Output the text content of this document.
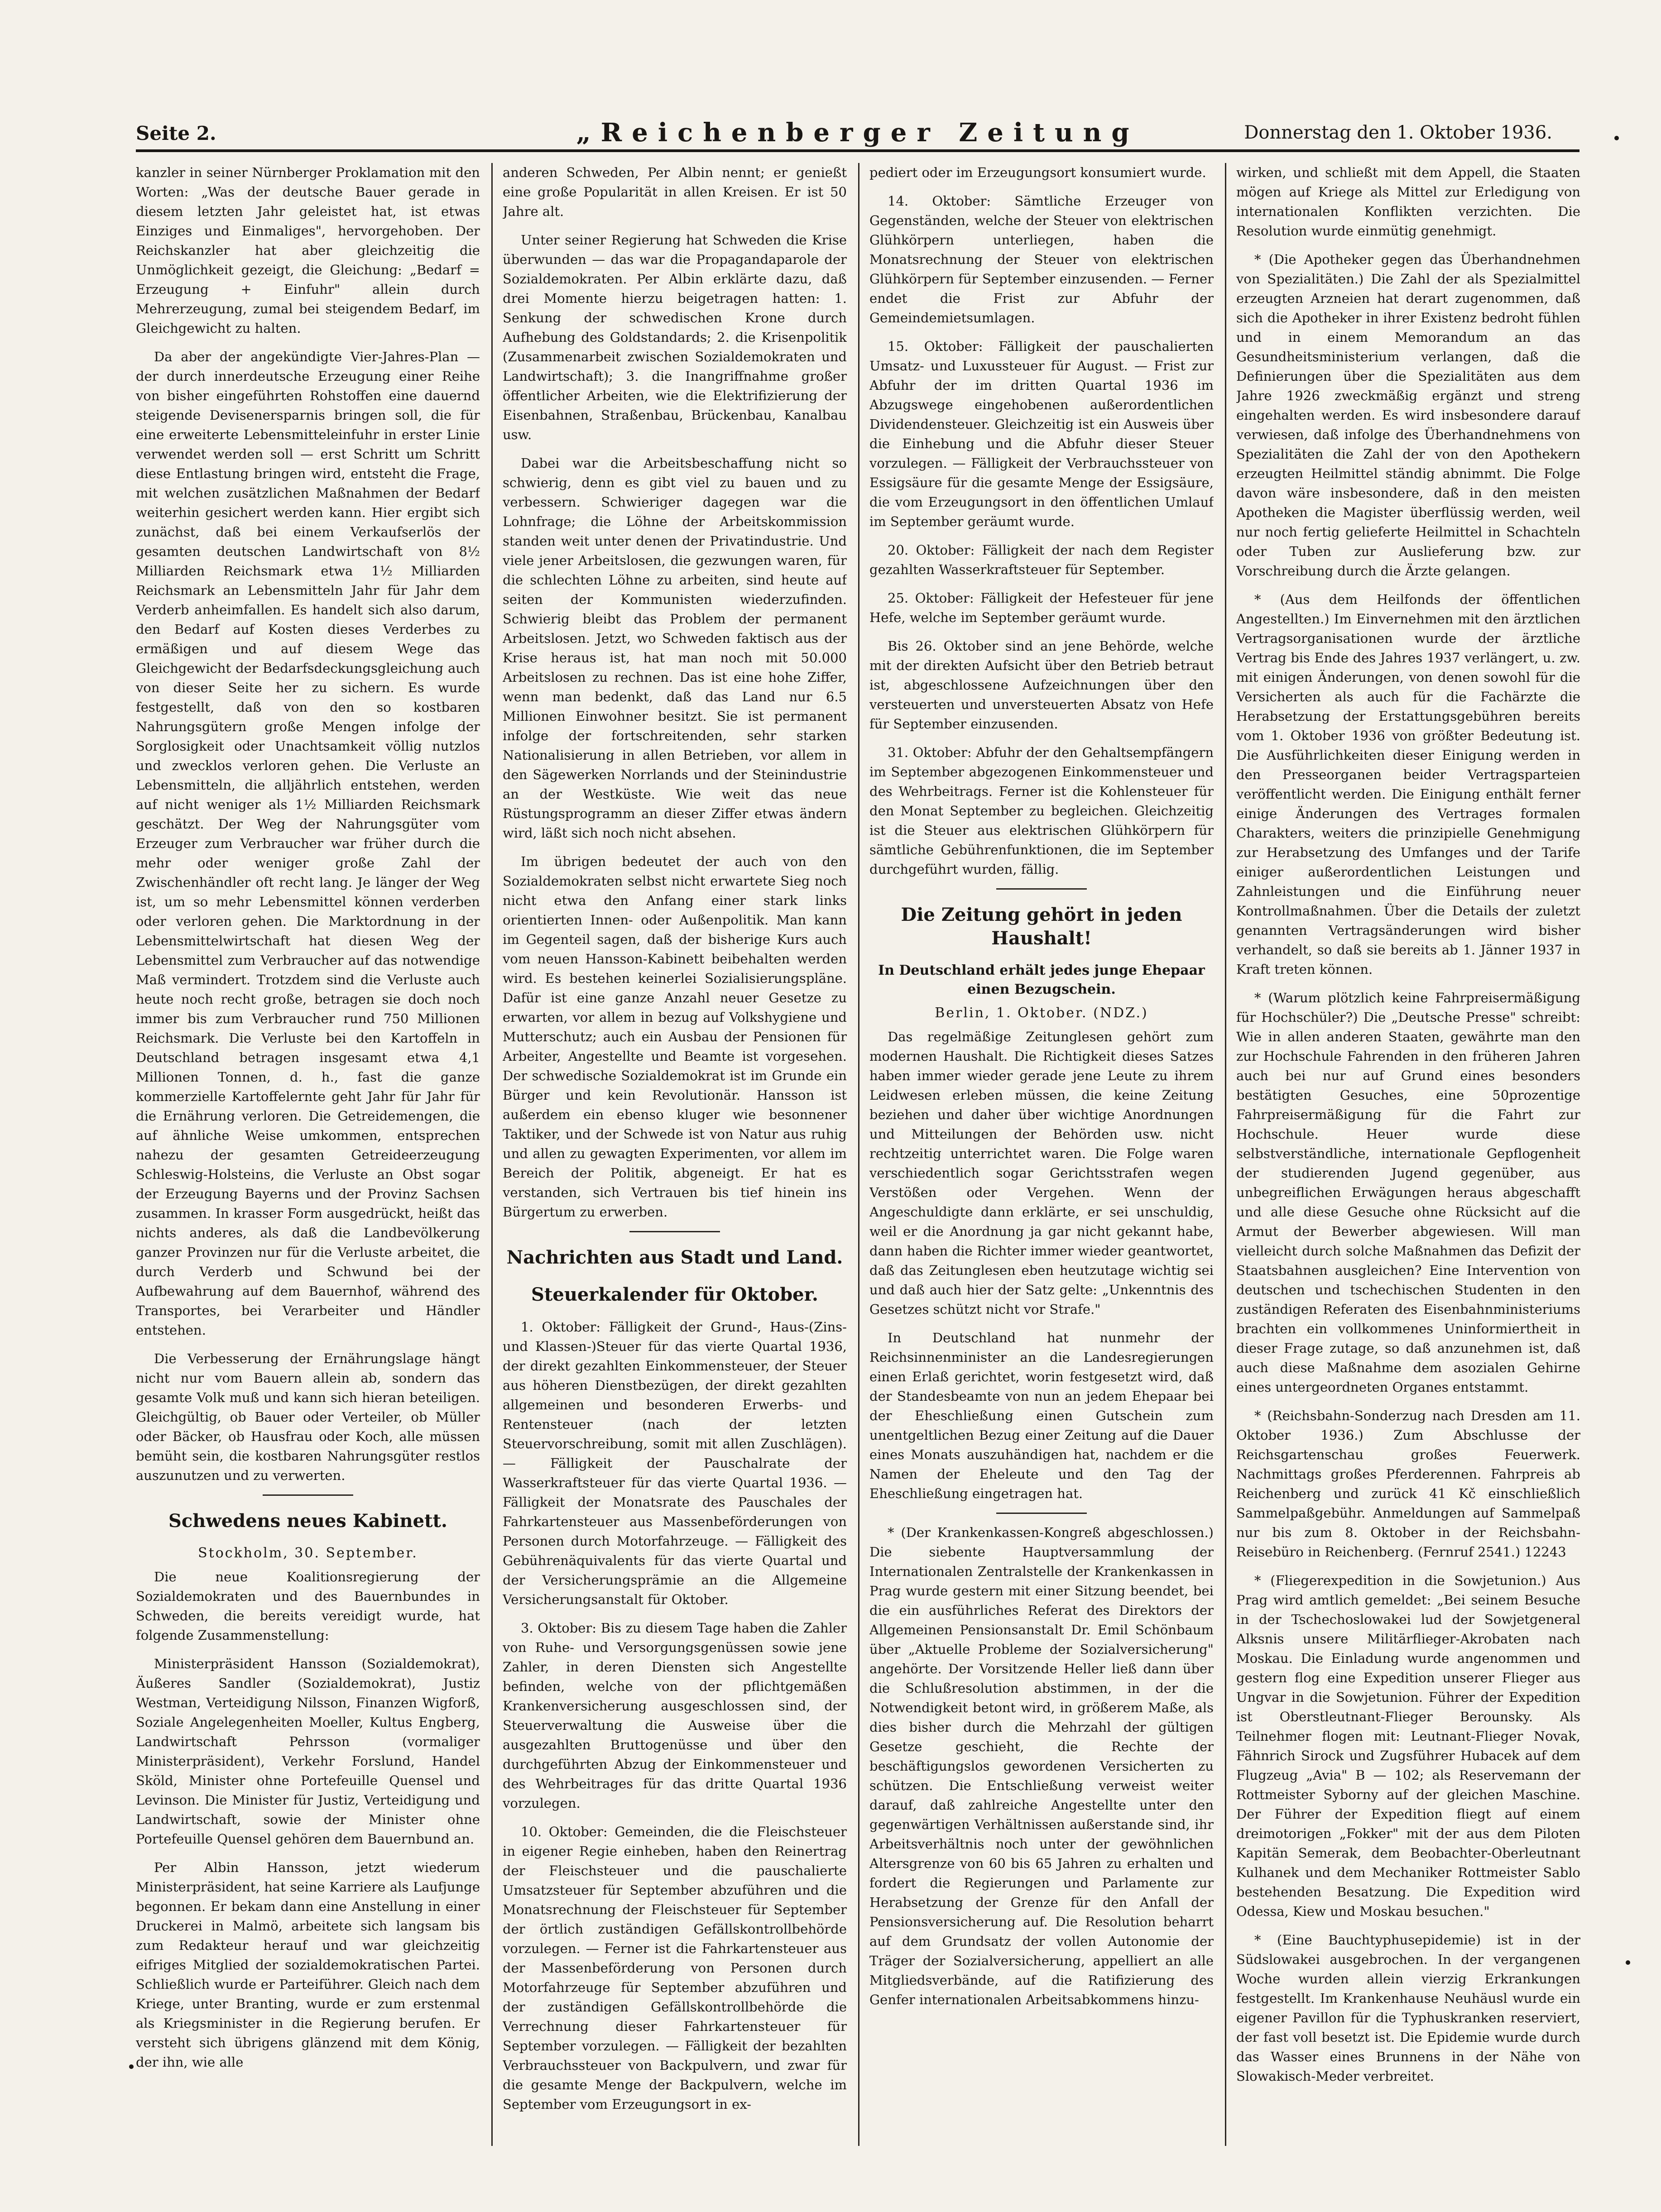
Seite 2.	„Reichenberger Zeitung	Donnerstag den 1. Oktober 1936.

kanzler in seiner Nürnberger Proklamation mit den Worten: „Was der deutsche Bauer gerade in diesem letzten Jahr geleistet hat, ist etwas Einziges und Einmaliges", hervorgehoben. Der Reichskanzler hat aber gleichzeitig die Unmöglichkeit gezeigt, die Gleichung: „Bedarf = Erzeugung + Einfuhr" allein durch Mehrerzeugung, zumal bei steigendem Bedarf, im Gleichgewicht zu halten.

Da aber der angekündigte Vier-Jahres-Plan — der durch innerdeutsche Erzeugung einer Reihe von bisher eingeführten Rohstoffen eine dauernd steigende Devisenersparnis bringen soll, die für eine erweiterte Lebensmitteleinfuhr in erster Linie verwendet werden soll — erst Schritt um Schritt diese Entlastung bringen wird, entsteht die Frage, mit welchen zusätzlichen Maßnahmen der Bedarf weiterhin gesichert werden kann. Hier ergibt sich zunächst, daß bei einem Verkaufserlös der gesamten deutschen Landwirtschaft von 8½ Milliarden Reichsmark etwa 1½ Milliarden Reichsmark an Lebensmitteln Jahr für Jahr dem Verderb anheimfallen. Es handelt sich also darum, den Bedarf auf Kosten dieses Verderbes zu ermäßigen und auf diesem Wege das Gleichgewicht der Bedarfsdeckungsgleichung auch von dieser Seite her zu sichern. Es wurde festgestellt, daß von den so kostbaren Nahrungsgütern große Mengen infolge der Sorglosigkeit oder Unachtsamkeit völlig nutzlos und zwecklos verloren gehen. Die Verluste an Lebensmitteln, die alljährlich entstehen, werden auf nicht weniger als 1½ Milliarden Reichsmark geschätzt. Der Weg der Nahrungsgüter vom Erzeuger zum Verbraucher war früher durch die mehr oder weniger große Zahl der Zwischenhändler oft recht lang. Je länger der Weg ist, um so mehr Lebensmittel können verderben oder verloren gehen. Die Marktordnung in der Lebensmittelwirtschaft hat diesen Weg der Lebensmittel zum Verbraucher auf das notwendige Maß vermindert. Trotzdem sind die Verluste auch heute noch recht große, betragen sie doch noch immer bis zum Verbraucher rund 750 Millionen Reichsmark. Die Verluste bei den Kartoffeln in Deutschland betragen insgesamt etwa 4,1 Millionen Tonnen, d. h., fast die ganze kommerzielle Kartoffelernte geht Jahr für Jahr für die Ernährung verloren. Die Getreidemengen, die auf ähnliche Weise umkommen, entsprechen nahezu der gesamten Getreideerzeugung Schleswig-Holsteins, die Verluste an Obst sogar der Erzeugung Bayerns und der Provinz Sachsen zusammen. In krasser Form ausgedrückt, heißt das nichts anderes, als daß die Landbevölkerung ganzer Provinzen nur für die Verluste arbeitet, die durch Verderb und Schwund bei der Aufbewahrung auf dem Bauernhof, während des Transportes, bei Verarbeiter und Händler entstehen.

Die Verbesserung der Ernährungslage hängt nicht nur vom Bauern allein ab, sondern das gesamte Volk muß und kann sich hieran beteiligen. Gleichgültig, ob Bauer oder Verteiler, ob Müller oder Bäcker, ob Hausfrau oder Koch, alle müssen bemüht sein, die kostbaren Nahrungsgüter restlos auszunutzen und zu verwerten.

Schwedens neues Kabinett.
Stockholm, 30. September.

Die neue Koalitionsregierung der Sozialdemokraten und des Bauernbundes in Schweden, die bereits vereidigt wurde, hat folgende Zusammenstellung:

Ministerpräsident Hansson (Sozialdemokrat), Äußeres Sandler (Sozialdemokrat), Justiz Westman, Verteidigung Nilsson, Finanzen Wigforß, Soziale Angelegenheiten Moeller, Kultus Engberg, Landwirtschaft Pehrsson (vormaliger Ministerpräsident), Verkehr Forslund, Handel Sköld, Minister ohne Portefeuille Quensel und Levinson. Die Minister für Justiz, Verteidigung und Landwirtschaft, sowie der Minister ohne Portefeuille Quensel gehören dem Bauernbund an.

Per Albin Hansson, jetzt wiederum Ministerpräsident, hat seine Karriere als Laufjunge begonnen. Er bekam dann eine Anstellung in einer Druckerei in Malmö, arbeitete sich langsam bis zum Redakteur herauf und war gleichzeitig eifriges Mitglied der sozialdemokratischen Partei. Schließlich wurde er Parteiführer. Gleich nach dem Kriege, unter Branting, wurde er zum erstenmal als Kriegsminister in die Regierung berufen. Er versteht sich übrigens glänzend mit dem König, der ihn, wie alle

anderen Schweden, Per Albin nennt; er genießt eine große Popularität in allen Kreisen. Er ist 50 Jahre alt.

Unter seiner Regierung hat Schweden die Krise überwunden — das war die Propagandaparole der Sozialdemokraten. Per Albin erklärte dazu, daß drei Momente hierzu beigetragen hatten: 1. Senkung der schwedischen Krone durch Aufhebung des Goldstandards; 2. die Krisenpolitik (Zusammenarbeit zwischen Sozialdemokraten und Landwirtschaft); 3. die Inangriffnahme großer öffentlicher Arbeiten, wie die Elektrifizierung der Eisenbahnen, Straßenbau, Brückenbau, Kanalbau usw.

Dabei war die Arbeitsbeschaffung nicht so schwierig, denn es gibt viel zu bauen und zu verbessern. Schwieriger dagegen war die Lohnfrage; die Löhne der Arbeitskommission standen weit unter denen der Privatindustrie. Und viele jener Arbeitslosen, die gezwungen waren, für die schlechten Löhne zu arbeiten, sind heute auf seiten der Kommunisten wiederzufinden. Schwierig bleibt das Problem der permanent Arbeitslosen. Jetzt, wo Schweden faktisch aus der Krise heraus ist, hat man noch mit 50.000 Arbeitslosen zu rechnen. Das ist eine hohe Ziffer, wenn man bedenkt, daß das Land nur 6.5 Millionen Einwohner besitzt. Sie ist permanent infolge der fortschreitenden, sehr starken Nationalisierung in allen Betrieben, vor allem in den Sägewerken Norrlands und der Steinindustrie an der Westküste. Wie weit das neue Rüstungsprogramm an dieser Ziffer etwas ändern wird, läßt sich noch nicht absehen.

Im übrigen bedeutet der auch von den Sozialdemokraten selbst nicht erwartete Sieg noch nicht etwa den Anfang einer stark links orientierten Innen- oder Außenpolitik. Man kann im Gegenteil sagen, daß der bisherige Kurs auch vom neuen Hansson-Kabinett beibehalten werden wird. Es bestehen keinerlei Sozialisierungspläne. Dafür ist eine ganze Anzahl neuer Gesetze zu erwarten, vor allem in bezug auf Volkshygiene und Mutterschutz; auch ein Ausbau der Pensionen für Arbeiter, Angestellte und Beamte ist vorgesehen. Der schwedische Sozialdemokrat ist im Grunde ein Bürger und kein Revolutionär. Hansson ist außerdem ein ebenso kluger wie besonnener Taktiker, und der Schwede ist von Natur aus ruhig und allen zu gewagten Experimenten, vor allem im Bereich der Politik, abgeneigt. Er hat es verstanden, sich Vertrauen bis tief hinein ins Bürgertum zu erwerben.

Nachrichten aus Stadt und Land.
Steuerkalender für Oktober.

1. Oktober: Fälligkeit der Grund-, Haus-(Zins- und Klassen-)Steuer für das vierte Quartal 1936, der direkt gezahlten Einkommensteuer, der Steuer aus höheren Dienstbezügen, der direkt gezahlten allgemeinen und besonderen Erwerbs- und Rentensteuer (nach der letzten Steuervorschreibung, somit mit allen Zuschlägen). — Fälligkeit der Pauschalrate der Wasserkraftsteuer für das vierte Quartal 1936. — Fälligkeit der Monatsrate des Pauschales der Fahrkartensteuer aus Massenbeförderungen von Personen durch Motorfahrzeuge. — Fälligkeit des Gebührenäquivalents für das vierte Quartal und der Versicherungsprämie an die Allgemeine Versicherungsanstalt für Oktober.

3. Oktober: Bis zu diesem Tage haben die Zahler von Ruhe- und Versorgungsgenüssen sowie jene Zahler, in deren Diensten sich Angestellte befinden, welche von der pflichtgemäßen Krankenversicherung ausgeschlossen sind, der Steuerverwaltung die Ausweise über die ausgezahlten Bruttogenüsse und über den durchgeführten Abzug der Einkommensteuer und des Wehrbeitrages für das dritte Quartal 1936 vorzulegen.

10. Oktober: Gemeinden, die die Fleischsteuer in eigener Regie einheben, haben den Reinertrag der Fleischsteuer und die pauschalierte Umsatzsteuer für September abzuführen und die Monatsrechnung der Fleischsteuer für September der örtlich zuständigen Gefällskontrollbehörde vorzulegen. — Ferner ist die Fahrkartensteuer aus der Massenbeförderung von Personen durch Motorfahrzeuge für September abzuführen und der zuständigen Gefällskontrollbehörde die Verrechnung dieser Fahrkartensteuer für September vorzulegen. — Fälligkeit der bezahlten Verbrauchssteuer von Backpulvern, und zwar für die gesamte Menge der Backpulvern, welche im September vom Erzeugungsort in ex-

pediert oder im Erzeugungsort konsumiert wurde.

14. Oktober: Sämtliche Erzeuger von Gegenständen, welche der Steuer von elektrischen Glühkörpern unterliegen, haben die Monatsrechnung der Steuer von elektrischen Glühkörpern für September einzusenden. — Ferner endet die Frist zur Abfuhr der Gemeindemietsumlagen.

15. Oktober: Fälligkeit der pauschalierten Umsatz- und Luxussteuer für August. — Frist zur Abfuhr der im dritten Quartal 1936 im Abzugswege eingehobenen außerordentlichen Dividendensteuer. Gleichzeitig ist ein Ausweis über die Einhebung und die Abfuhr dieser Steuer vorzulegen. — Fälligkeit der Verbrauchssteuer von Essigsäure für die gesamte Menge der Essigsäure, die vom Erzeugungsort in den öffentlichen Umlauf im September geräumt wurde.

20. Oktober: Fälligkeit der nach dem Register gezahlten Wasserkraftsteuer für September.

25. Oktober: Fälligkeit der Hefesteuer für jene Hefe, welche im September geräumt wurde.

Bis 26. Oktober sind an jene Behörde, welche mit der direkten Aufsicht über den Betrieb betraut ist, abgeschlossene Aufzeichnungen über den versteuerten und unversteuerten Absatz von Hefe für September einzusenden.

31. Oktober: Abfuhr der den Gehaltsempfängern im September abgezogenen Einkommensteuer und des Wehrbeitrags. Ferner ist die Kohlensteuer für den Monat September zu begleichen. Gleichzeitig ist die Steuer aus elektrischen Glühkörpern für sämtliche Gebührenfunktionen, die im September durchgeführt wurden, fällig.

Die Zeitung gehört in jeden Haushalt!
In Deutschland erhält jedes junge Ehepaar einen Bezugschein.
Berlin, 1. Oktober. (NDZ.)

Das regelmäßige Zeitunglesen gehört zum modernen Haushalt. Die Richtigkeit dieses Satzes haben immer wieder gerade jene Leute zu ihrem Leidwesen erleben müssen, die keine Zeitung beziehen und daher über wichtige Anordnungen und Mitteilungen der Behörden usw. nicht rechtzeitig unterrichtet waren. Die Folge waren verschiedentlich sogar Gerichtsstrafen wegen Verstößen oder Vergehen. Wenn der Angeschuldigte dann erklärte, er sei unschuldig, weil er die Anordnung ja gar nicht gekannt habe, dann haben die Richter immer wieder geantwortet, daß das Zeitunglesen eben heutzutage wichtig sei und daß auch hier der Satz gelte: „Unkenntnis des Gesetzes schützt nicht vor Strafe."

In Deutschland hat nunmehr der Reichsinnenminister an die Landesregierungen einen Erlaß gerichtet, worin festgesetzt wird, daß der Standesbeamte von nun an jedem Ehepaar bei der Eheschließung einen Gutschein zum unentgeltlichen Bezug einer Zeitung auf die Dauer eines Monats auszuhändigen hat, nachdem er die Namen der Eheleute und den Tag der Eheschließung eingetragen hat.

* (Der Krankenkassen-Kongreß abgeschlossen.) Die siebente Hauptversammlung der Internationalen Zentralstelle der Krankenkassen in Prag wurde gestern mit einer Sitzung beendet, bei die ein ausführliches Referat des Direktors der Allgemeinen Pensionsanstalt Dr. Emil Schönbaum über „Aktuelle Probleme der Sozialversicherung" angehörte. Der Vorsitzende Heller ließ dann über die Schlußresolution abstimmen, in der die Notwendigkeit betont wird, in größerem Maße, als dies bisher durch die Mehrzahl der gültigen Gesetze geschieht, die Rechte der beschäftigungslos gewordenen Versicherten zu schützen. Die Entschließung verweist weiter darauf, daß zahlreiche Angestellte unter den gegenwärtigen Verhältnissen außerstande sind, ihr Arbeitsverhältnis noch unter der gewöhnlichen Altersgrenze von 60 bis 65 Jahren zu erhalten und fordert die Regierungen und Parlamente zur Herabsetzung der Grenze für den Anfall der Pensionsversicherung auf. Die Resolution beharrt auf dem Grundsatz der vollen Autonomie der Träger der Sozialversicherung, appelliert an alle Mitgliedsverbände, auf die Ratifizierung des Genfer internationalen Arbeitsabkommens hinzu-

wirken, und schließt mit dem Appell, die Staaten mögen auf Kriege als Mittel zur Erledigung von internationalen Konflikten verzichten. Die Resolution wurde einmütig genehmigt.

* (Die Apotheker gegen das Überhandnehmen von Spezialitäten.) Die Zahl der als Spezialmittel erzeugten Arzneien hat derart zugenommen, daß sich die Apotheker in ihrer Existenz bedroht fühlen und in einem Memorandum an das Gesundheitsministerium verlangen, daß die Definierungen über die Spezialitäten aus dem Jahre 1926 zweckmäßig ergänzt und streng eingehalten werden. Es wird insbesondere darauf verwiesen, daß infolge des Überhandnehmens von Spezialitäten die Zahl der von den Apothekern erzeugten Heilmittel ständig abnimmt. Die Folge davon wäre insbesondere, daß in den meisten Apotheken die Magister überflüssig werden, weil nur noch fertig gelieferte Heilmittel in Schachteln oder Tuben zur Auslieferung bzw. zur Vorschreibung durch die Ärzte gelangen.

* (Aus dem Heilfonds der öffentlichen Angestellten.) Im Einvernehmen mit den ärztlichen Vertragsorganisationen wurde der ärztliche Vertrag bis Ende des Jahres 1937 verlängert, u. zw. mit einigen Änderungen, von denen sowohl für die Versicherten als auch für die Fachärzte die Herabsetzung der Erstattungsgebühren bereits vom 1. Oktober 1936 von größter Bedeutung ist. Die Ausführlichkeiten dieser Einigung werden in den Presseorganen beider Vertragsparteien veröffentlicht werden. Die Einigung enthält ferner einige Änderungen des Vertrages formalen Charakters, weiters die prinzipielle Genehmigung zur Herabsetzung des Umfanges und der Tarife einiger außerordentlichen Leistungen und Zahnleistungen und die Einführung neuer Kontrollmaßnahmen. Über die Details der zuletzt genannten Vertragsänderungen wird bisher verhandelt, so daß sie bereits ab 1. Jänner 1937 in Kraft treten können.

* (Warum plötzlich keine Fahrpreisermäßigung für Hochschüler?) Die „Deutsche Presse" schreibt: Wie in allen anderen Staaten, gewährte man den zur Hochschule Fahrenden in den früheren Jahren auch bei nur auf Grund eines besonders bestätigten Gesuches, eine 50prozentige Fahrpreisermäßigung für die Fahrt zur Hochschule. Heuer wurde diese selbstverständliche, internationale Gepflogenheit der studierenden Jugend gegenüber, aus unbegreiflichen Erwägungen heraus abgeschafft und alle diese Gesuche ohne Rücksicht auf die Armut der Bewerber abgewiesen. Will man vielleicht durch solche Maßnahmen das Defizit der Staatsbahnen ausgleichen? Eine Intervention von deutschen und tschechischen Studenten in den zuständigen Referaten des Eisenbahnministeriums brachten ein vollkommenes Uninformiertheit in dieser Frage zutage, so daß anzunehmen ist, daß auch diese Maßnahme dem asozialen Gehirne eines untergeordneten Organes entstammt.

* (Reichsbahn-Sonderzug nach Dresden am 11. Oktober 1936.) Zum Abschlusse der Reichsgartenschau großes Feuerwerk. Nachmittags großes Pferderennen. Fahrpreis ab Reichenberg und zurück 41 Kč einschließlich Sammelpaßgebühr. Anmeldungen auf Sammelpaß nur bis zum 8. Oktober in der Reichsbahn-Reisebüro in Reichenberg. (Fernruf 2541.) 12243

* (Fliegerexpedition in die Sowjetunion.) Aus Prag wird amtlich gemeldet: „Bei seinem Besuche in der Tschechoslowakei lud der Sowjetgeneral Alksnis unsere Militärflieger-Akrobaten nach Moskau. Die Einladung wurde angenommen und gestern flog eine Expedition unserer Flieger aus Ungvar in die Sowjetunion. Führer der Expedition ist Oberstleutnant-Flieger Berounsky. Als Teilnehmer flogen mit: Leutnant-Flieger Novak, Fähnrich Sirock und Zugsführer Hubacek auf dem Flugzeug „Avia" B — 102; als Reservemann der Rottmeister Syborny auf der gleichen Maschine. Der Führer der Expedition fliegt auf einem dreimotorigen „Fokker" mit der aus dem Piloten Kapitän Semerak, dem Beobachter-Oberleutnant Kulhanek und dem Mechaniker Rottmeister Sablo bestehenden Besatzung. Die Expedition wird Odessa, Kiew und Moskau besuchen."

* (Eine Bauchtyphusepidemie) ist in der Südslowakei ausgebrochen. In der vergangenen Woche wurden allein vierzig Erkrankungen festgestellt. Im Krankenhause Neuhäusl wurde ein eigener Pavillon für die Typhuskranken reserviert, der fast voll besetzt ist. Die Epidemie wurde durch das Wasser eines Brunnens in der Nähe von Slowakisch-Meder verbreitet.
